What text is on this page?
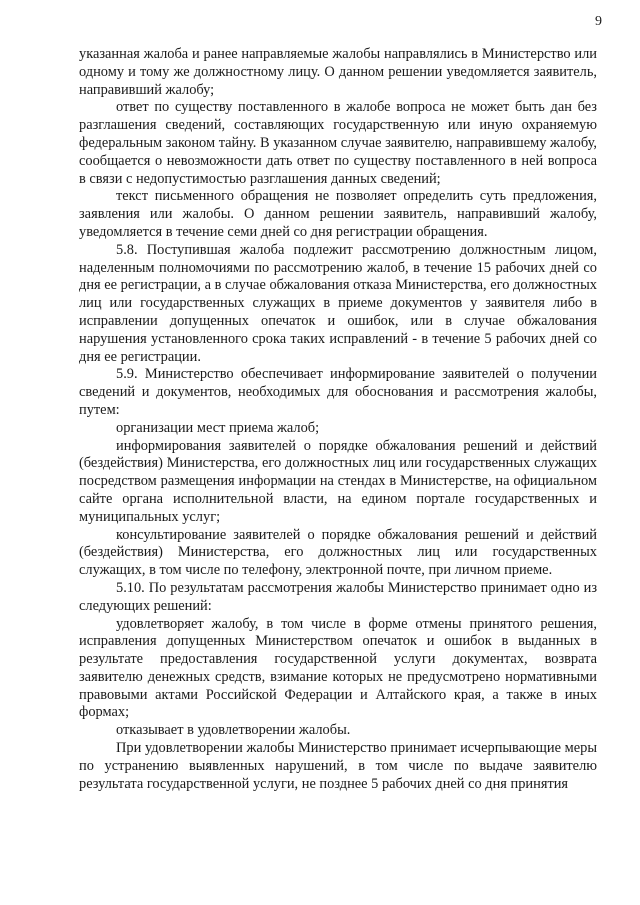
9

указанная жалоба и ранее направляемые жалобы направлялись в Министерство или одному и тому же должностному лицу. О данном решении уведомляется заявитель, направивший жалобу;

ответ по существу поставленного в жалобе вопроса не может быть дан без разглашения сведений, составляющих государственную или иную охраняемую федеральным законом тайну. В указанном случае заявителю, направившему жалобу, сообщается о невозможности дать ответ по существу поставленного в ней вопроса в связи с недопустимостью разглашения данных сведений;

текст письменного обращения не позволяет определить суть предложения, заявления или жалобы. О данном решении заявитель, направивший жалобу, уведомляется в течение семи дней со дня регистрации обращения.

5.8. Поступившая жалоба подлежит рассмотрению должностным лицом, наделенным полномочиями по рассмотрению жалоб, в течение 15 рабочих дней со дня ее регистрации, а в случае обжалования отказа Министерства, его должностных лиц или государственных служащих в приеме документов у заявителя либо в исправлении допущенных опечаток и ошибок, или в случае обжалования нарушения установленного срока таких исправлений - в течение 5 рабочих дней со дня ее регистрации.

5.9. Министерство обеспечивает информирование заявителей о получении сведений и документов, необходимых для обоснования и рассмотрения жалобы, путем:

организации мест приема жалоб;

информирования заявителей о порядке обжалования решений и действий (бездействия) Министерства, его должностных лиц или государственных служащих посредством размещения информации на стендах в Министерстве, на официальном сайте органа исполнительной власти, на едином портале государственных и муниципальных услуг;

консультирование заявителей о порядке обжалования решений и действий (бездействия) Министерства, его должностных лиц или государственных служащих, в том числе по телефону, электронной почте, при личном приеме.

5.10. По результатам рассмотрения жалобы Министерство принимает одно из следующих решений:

удовлетворяет жалобу, в том числе в форме отмены принятого решения, исправления допущенных Министерством опечаток и ошибок в выданных в результате предоставления государственной услуги документах, возврата заявителю денежных средств, взимание которых не предусмотрено нормативными правовыми актами Российской Федерации и Алтайского края, а также в иных формах;

отказывает в удовлетворении жалобы.

При удовлетворении жалобы Министерство принимает исчерпывающие меры по устранению выявленных нарушений, в том числе по выдаче заявителю результата государственной услуги, не позднее 5 рабочих дней со дня принятия
